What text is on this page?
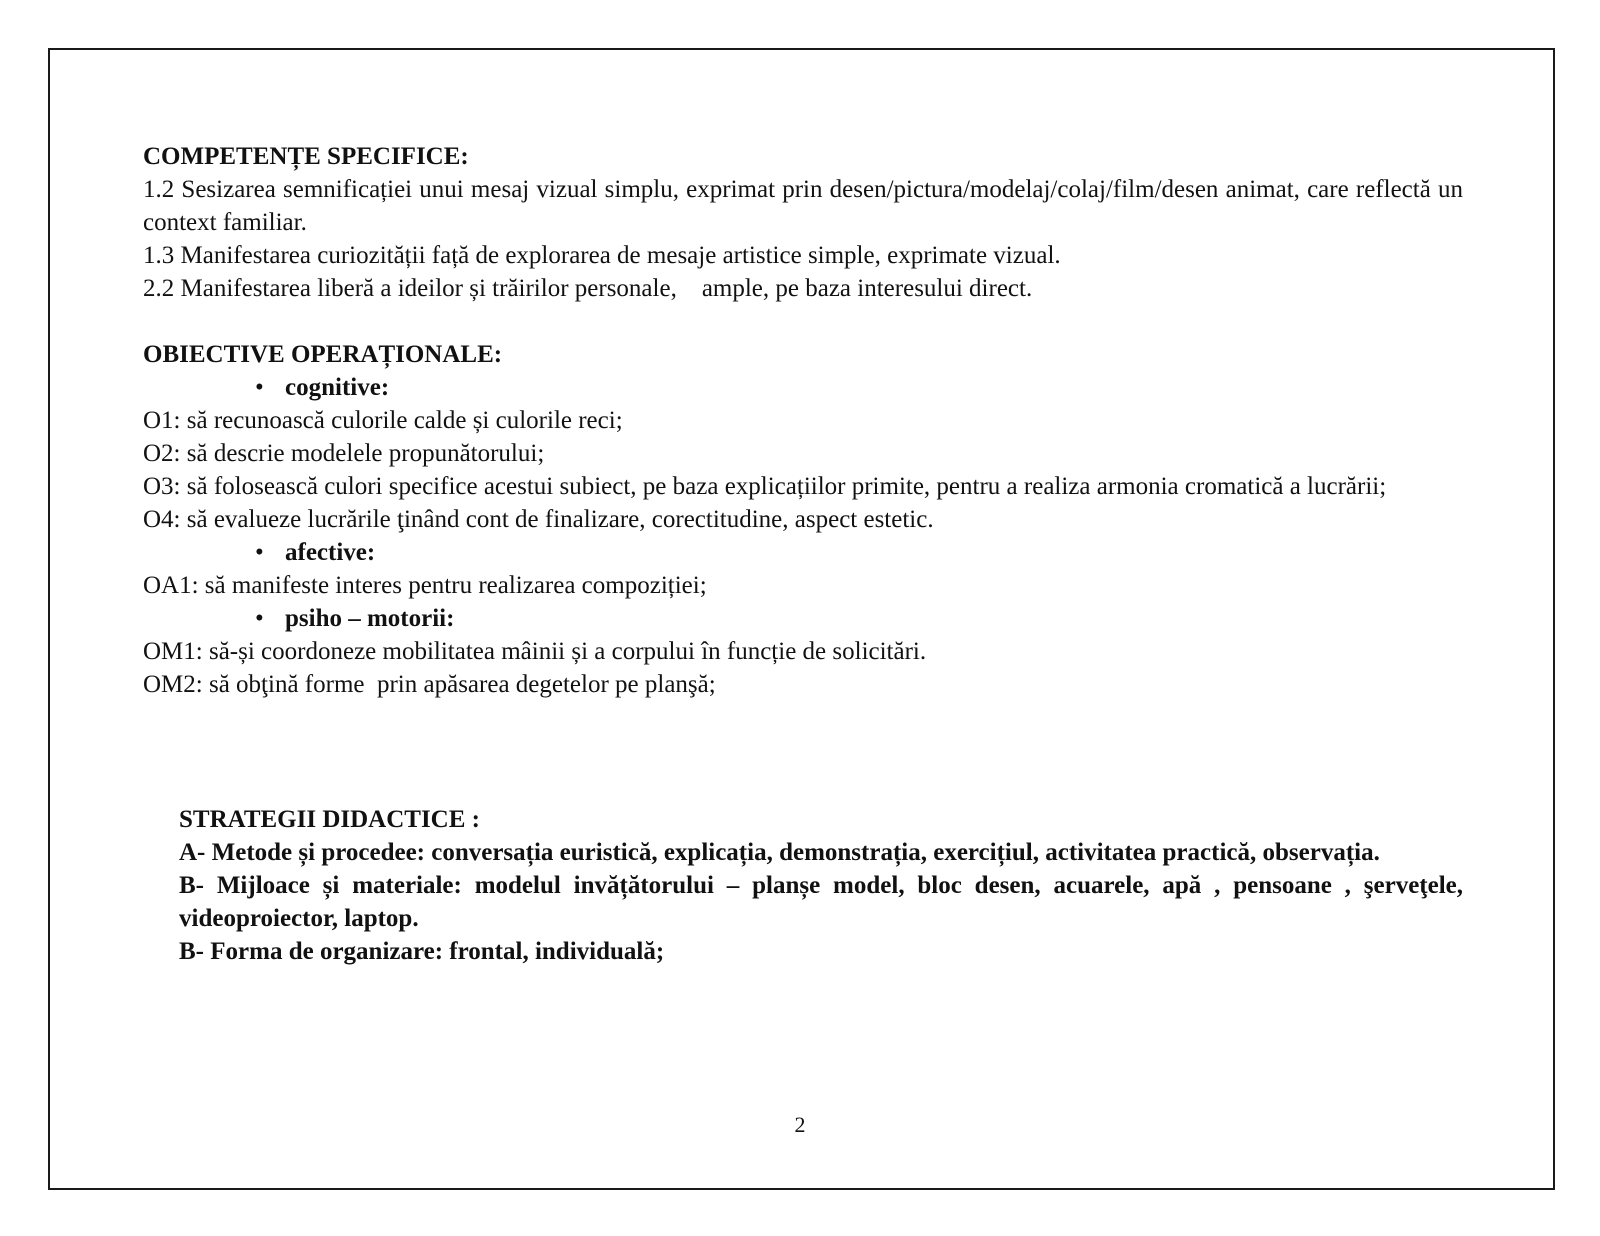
COMPETENȚE SPECIFICE:

1.2 Sesizarea semnificației unui mesaj vizual simplu, exprimat prin desen/pictura/modelaj/colaj/film/desen animat, care reflectă un context familiar.

1.3 Manifestarea curiozității față de explorarea de mesaje artistice simple, exprimate vizual.

2.2 Manifestarea liberă a ideilor și trăirilor personale,    ample, pe baza interesului direct.

OBIECTIVE OPERAȚIONALE:

• cognitive:

O1: să recunoască culorile calde și culorile reci;

O2: să descrie modelele propunătorului;

O3: să folosească culori specifice acestui subiect, pe baza explicațiilor primite, pentru a realiza armonia cromatică a lucrării;

O4: să evalueze lucrările ţinând cont de finalizare, corectitudine, aspect estetic.

• afective:

OA1: să manifeste interes pentru realizarea compoziției;

• psiho – motorii:

OM1: să-și coordoneze mobilitatea mâinii și a corpului în funcție de solicitări.

OM2: să obţină forme  prin apăsarea degetelor pe planşă;

STRATEGII DIDACTICE :

A- Metode și procedee: conversația euristică, explicația, demonstrația, exercițiul, activitatea practică, observația.

B- Mijloace și materiale: modelul invățătorului – planșe model, bloc desen, acuarele, apă , pensoane , şerveţele, videoproiector, laptop.

B- Forma de organizare: frontal, individuală;

2
